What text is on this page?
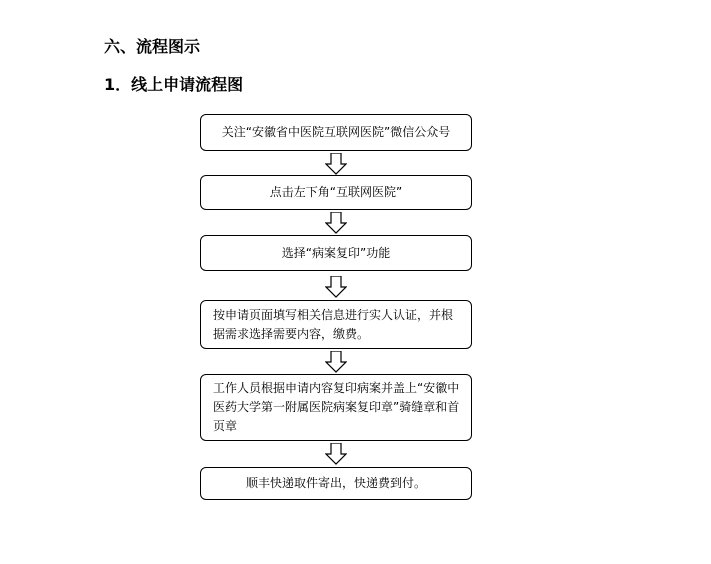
六、流程图示
1．线上申请流程图
关注“安徽省中医院互联网医院”微信公众号
点击左下角“互联网医院”
选择“病案复印”功能
按申请页面填写相关信息进行实人认证，并根据需求选择需要内容，缴费。
工作人员根据申请内容复印病案并盖上“安徽中医药大学第一附属医院病案复印章”骑缝章和首页章
顺丰快递取件寄出，快递费到付。
